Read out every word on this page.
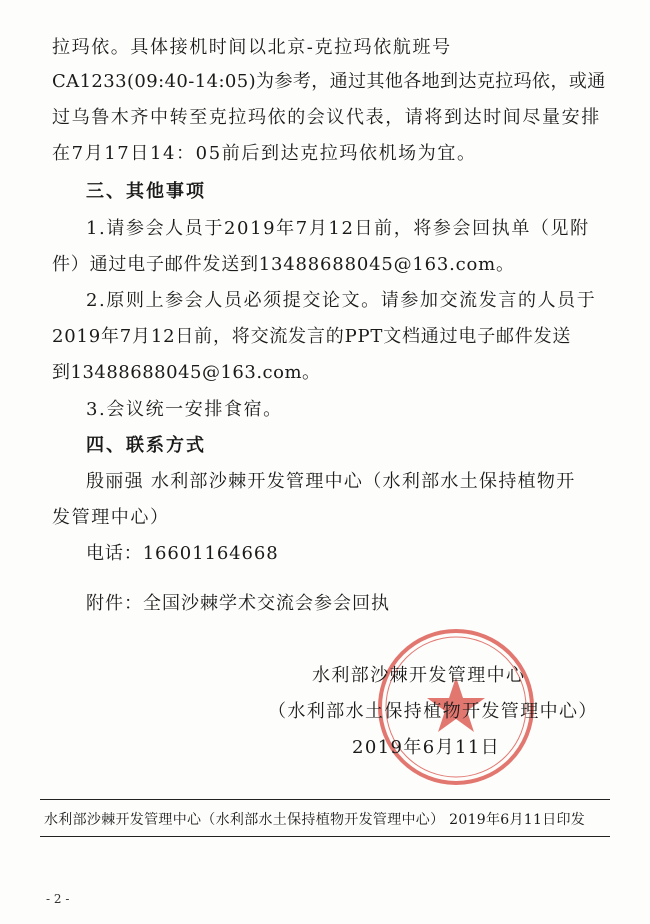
拉玛依。具体接机时间以北京-克拉玛依航班号
CA1233(09:40-14:05)为参考，通过其他各地到达克拉玛依，或通
过乌鲁木齐中转至克拉玛依的会议代表，请将到达时间尽量安排
在7月17日14：05前后到达克拉玛依机场为宜。
三、其他事项
1.请参会人员于2019年7月12日前，将参会回执单（见附
件）通过电子邮件发送到13488688045@163.com。
2.原则上参会人员必须提交论文。请参加交流发言的人员于
2019年7月12日前，将交流发言的PPT文档通过电子邮件发送
到13488688045@163.com。
3.会议统一安排食宿。
四、联系方式
殷丽强 水利部沙棘开发管理中心（水利部水土保持植物开
发管理中心）
电话：16601164668
附件：全国沙棘学术交流会参会回执
水利部沙棘开发管理中心
（水利部水土保持植物开发管理中心）
2019年6月11日
水利部沙棘开发管理中心（水利部水土保持植物开发管理中心） 2019年6月11日印发
- 2 -
